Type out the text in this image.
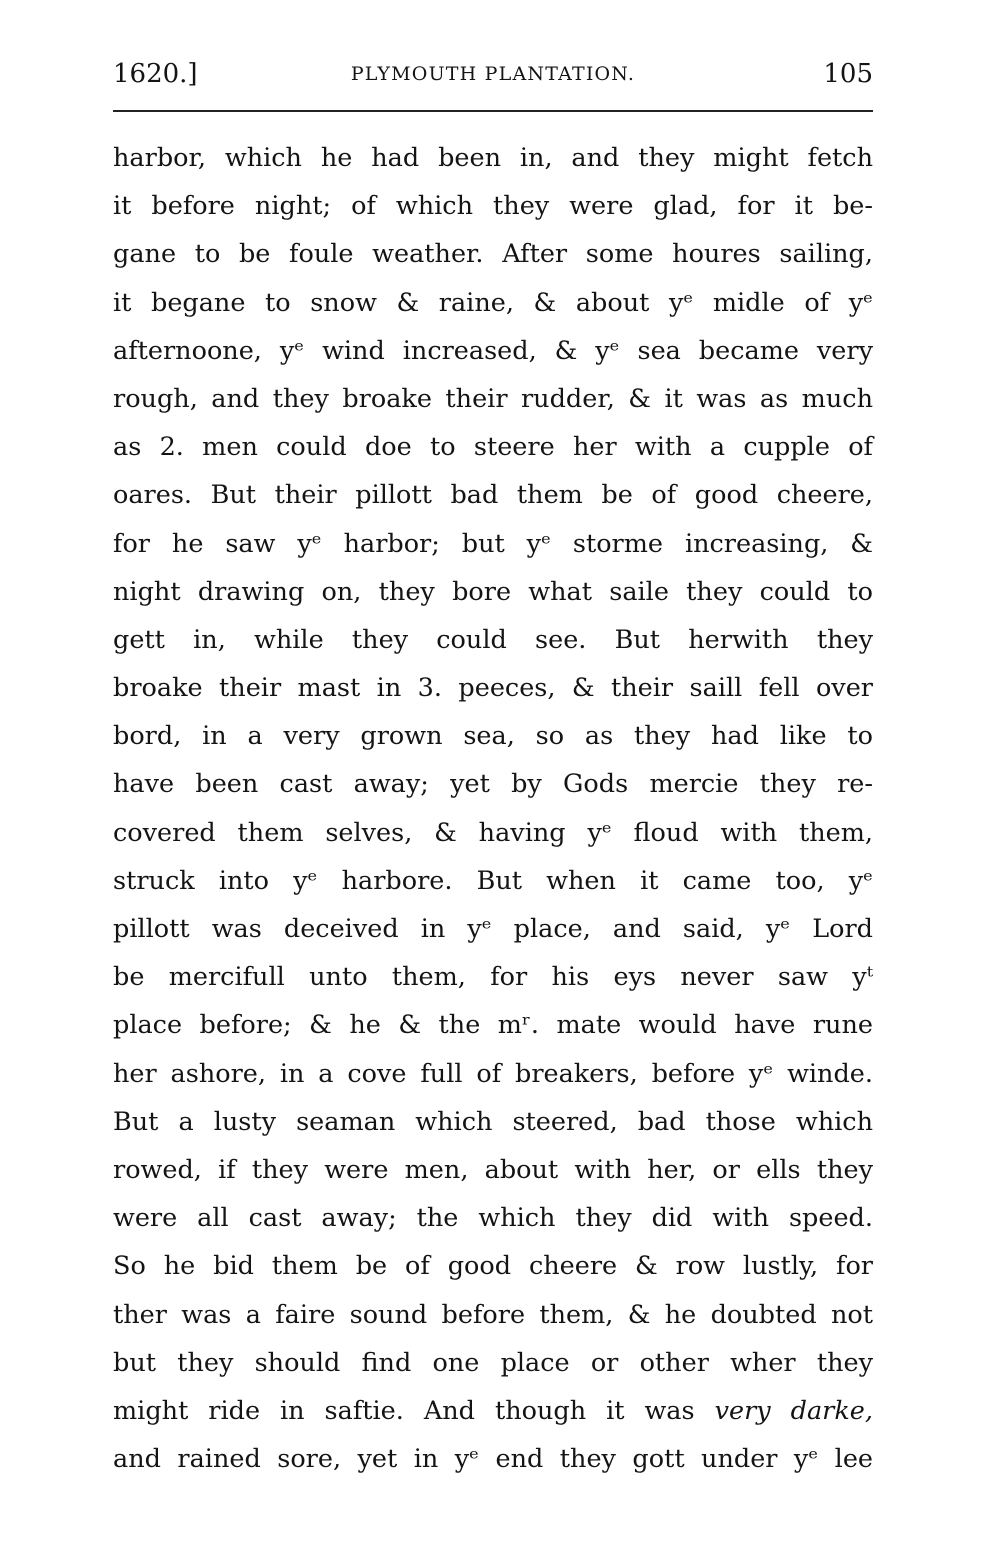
1620.]	PLYMOUTH PLANTATION.	105
harbor, which he had been in, and they might fetch
it before night; of which they were glad, for it be-
gane to be foule weather. After some houres sailing,
it begane to snow & raine, & about yᵉ midle of yᵉ
afternoone, yᵉ wind increased, & yᵉ sea became very
rough, and they broake their rudder, & it was as much
as 2. men could doe to steere her with a cupple of
oares. But their pillott bad them be of good cheere,
for he saw yᵉ harbor; but yᵉ storme increasing, &
night drawing on, they bore what saile they could to
gett in, while they could see. But herwith they
broake their mast in 3. peeces, & their saill fell over
bord, in a very grown sea, so as they had like to
have been cast away; yet by Gods mercie they re-
covered them selves, & having yᵉ floud with them,
struck into yᵉ harbore. But when it came too, yᵉ
pillott was deceived in yᵉ place, and said, yᵉ Lord
be mercifull unto them, for his eys never saw yᵗ
place before; & he & the mʳ. mate would have rune
her ashore, in a cove full of breakers, before yᵉ winde.
But a lusty seaman which steered, bad those which
rowed, if they were men, about with her, or ells they
were all cast away; the which they did with speed.
So he bid them be of good cheere & row lustly, for
ther was a faire sound before them, & he doubted not
but they should find one place or other wher they
might ride in saftie. And though it was very darke,
and rained sore, yet in yᵉ end they gott under yᵉ lee
